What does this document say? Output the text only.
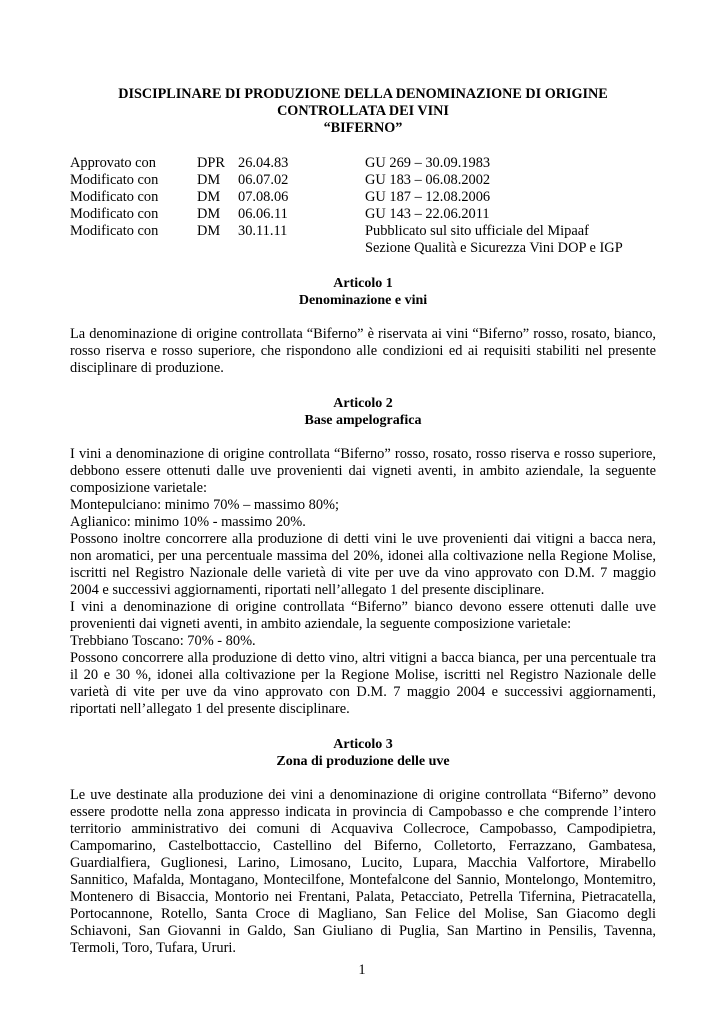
DISCIPLINARE DI PRODUZIONE DELLA DENOMINAZIONE DI ORIGINE

CONTROLLATA DEI VINI

“BIFERNO”

Approvato con	DPR	26.04.83	GU 269 – 30.09.1983
Modificato con	DM	06.07.02	GU 183 – 06.08.2002
Modificato con	DM	07.08.06	GU 187 – 12.08.2006
Modificato con	DM	06.06.11	GU 143 – 22.06.2011
Modificato con	DM	30.11.11	Pubblicato sul sito ufficiale del Mipaaf
			Sezione Qualità e Sicurezza Vini DOP e IGP

Articolo 1

Denominazione e vini

La denominazione di origine controllata “Biferno” è riservata ai vini “Biferno” rosso, rosato, bianco, rosso riserva e rosso superiore, che rispondono alle condizioni ed ai requisiti stabiliti nel presente disciplinare di produzione.

Articolo 2

Base ampelografica

I vini a denominazione di origine controllata “Biferno” rosso, rosato, rosso riserva e rosso superiore, debbono essere ottenuti dalle uve provenienti dai vigneti aventi, in ambito aziendale, la seguente composizione varietale:

Montepulciano: minimo 70% – massimo 80%;

Aglianico: minimo 10% - massimo 20%.

Possono inoltre concorrere alla produzione di detti vini le uve provenienti dai vitigni a bacca nera, non aromatici, per una percentuale massima del 20%, idonei alla coltivazione nella Regione Molise, iscritti nel Registro Nazionale delle varietà di vite per uve da vino approvato con D.M. 7 maggio 2004 e successivi aggiornamenti, riportati nell’allegato 1 del presente disciplinare.

I vini a denominazione di origine controllata “Biferno” bianco devono essere ottenuti dalle uve provenienti dai vigneti aventi, in ambito aziendale, la seguente composizione varietale:

Trebbiano Toscano: 70% - 80%.

Possono concorrere alla produzione di detto vino, altri vitigni a bacca bianca, per una percentuale tra il 20 e 30 %, idonei alla coltivazione per la Regione Molise, iscritti nel Registro Nazionale delle varietà di vite per uve da vino approvato con D.M. 7 maggio 2004 e successivi aggiornamenti, riportati nell’allegato 1 del presente disciplinare.

Articolo 3

Zona di produzione delle uve

Le uve destinate alla produzione dei vini a denominazione di origine controllata “Biferno” devono essere prodotte nella zona appresso indicata in provincia di Campobasso e che comprende l’intero territorio amministrativo dei comuni di Acquaviva Collecroce, Campobasso, Campodipietra, Campomarino, Castelbottaccio, Castellino del Biferno, Colletorto, Ferrazzano, Gambatesa, Guardialfiera, Guglionesi, Larino, Limosano, Lucito, Lupara, Macchia Valfortore, Mirabello Sannitico, Mafalda, Montagano, Montecilfone, Montefalcone del Sannio, Montelongo, Montemitro, Montenero di Bisaccia, Montorio nei Frentani, Palata, Petacciato, Petrella Tifernina, Pietracatella, Portocannone, Rotello, Santa Croce di Magliano, San Felice del Molise, San Giacomo degli Schiavoni, San Giovanni in Galdo, San Giuliano di Puglia, San Martino in Pensilis, Tavenna, Termoli, Toro, Tufara, Ururi.

1
